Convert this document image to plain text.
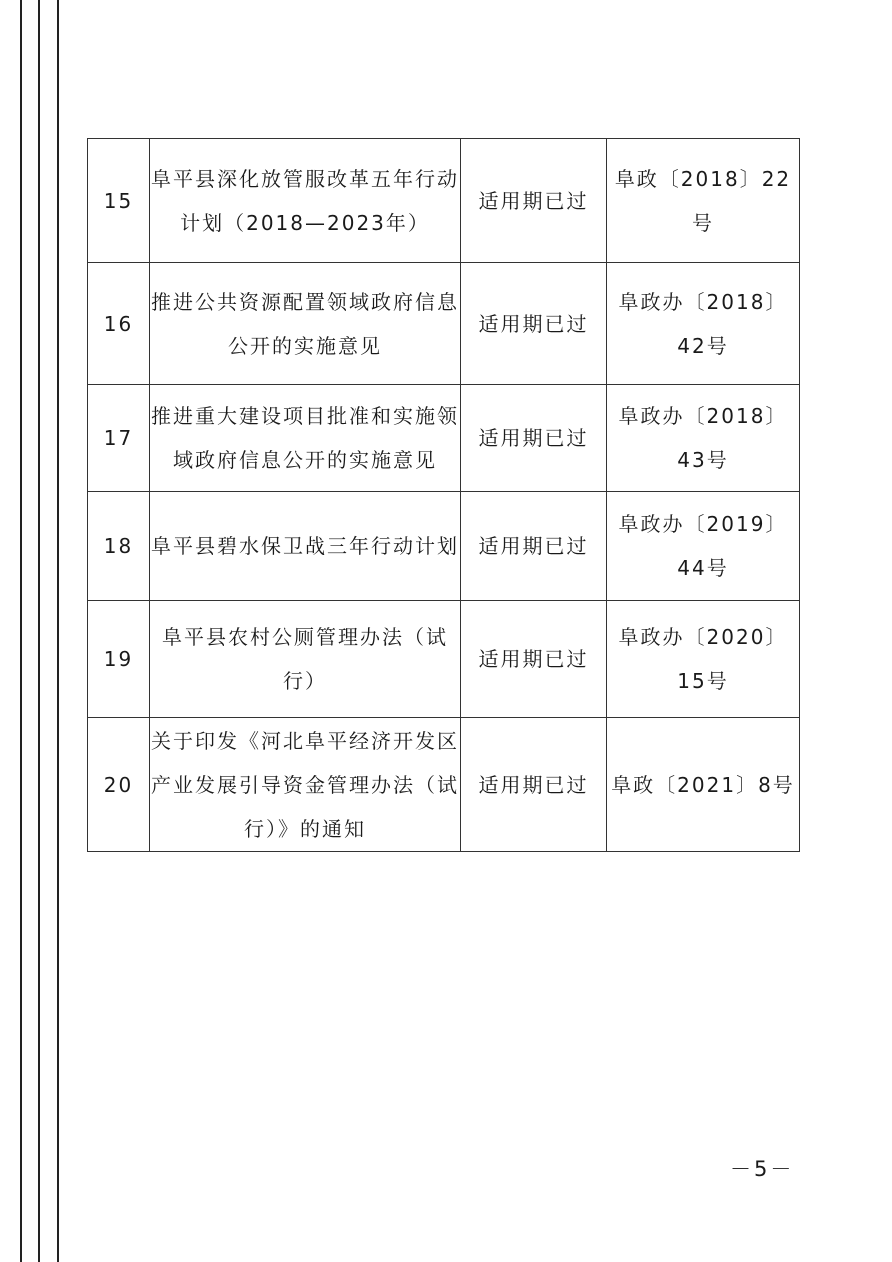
15	阜平县深化放管服改革五年行动计划（2018—2023年）	适用期已过	阜政〔2018〕22号
16	推进公共资源配置领域政府信息公开的实施意见	适用期已过	阜政办〔2018〕42号
17	推进重大建设项目批准和实施领域政府信息公开的实施意见	适用期已过	阜政办〔2018〕43号
18	阜平县碧水保卫战三年行动计划	适用期已过	阜政办〔2019〕44号
19	阜平县农村公厕管理办法（试行）	适用期已过	阜政办〔2020〕15号
20	关于印发《河北阜平经济开发区产业发展引导资金管理办法（试行）》的通知	适用期已过	阜政〔2021〕8号
－5－
